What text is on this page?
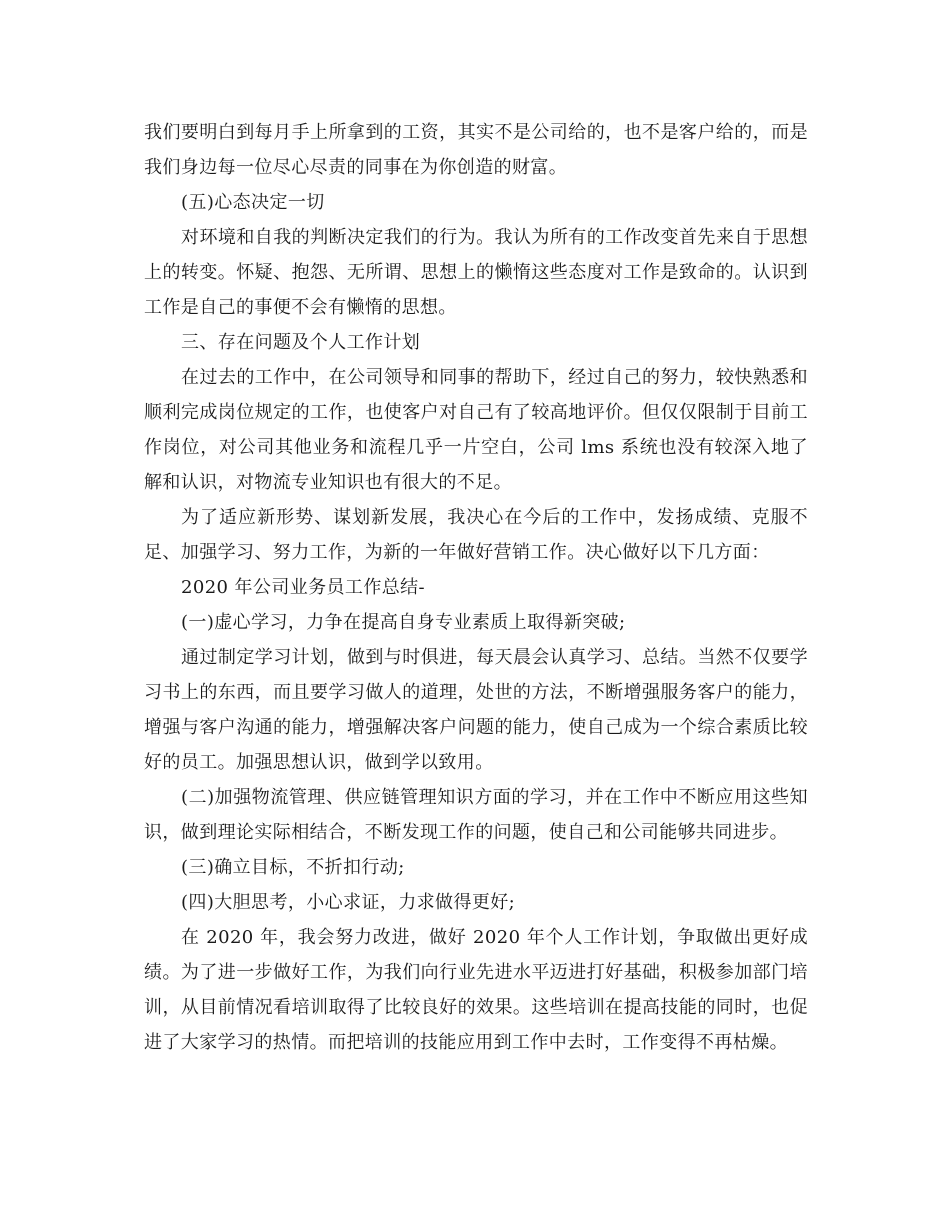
我们要明白到每月手上所拿到的工资，其实不是公司给的，也不是客户给的，而是我们身边每一位尽心尽责的同事在为你创造的财富。

(五)心态决定一切

对环境和自我的判断决定我们的行为。我认为所有的工作改变首先来自于思想上的转变。怀疑、抱怨、无所谓、思想上的懒惰这些态度对工作是致命的。认识到工作是自己的事便不会有懒惰的思想。

三、存在问题及个人工作计划

在过去的工作中，在公司领导和同事的帮助下，经过自己的努力，较快熟悉和顺利完成岗位规定的工作，也使客户对自己有了较高地评价。但仅仅限制于目前工作岗位，对公司其他业务和流程几乎一片空白，公司 lms 系统也没有较深入地了解和认识，对物流专业知识也有很大的不足。

为了适应新形势、谋划新发展，我决心在今后的工作中，发扬成绩、克服不足、加强学习、努力工作，为新的一年做好营销工作。决心做好以下几方面：

2020 年公司业务员工作总结-

(一)虚心学习，力争在提高自身专业素质上取得新突破;

通过制定学习计划，做到与时俱进，每天晨会认真学习、总结。当然不仅要学习书上的东西，而且要学习做人的道理，处世的方法，不断增强服务客户的能力，增强与客户沟通的能力，增强解决客户问题的能力，使自己成为一个综合素质比较好的员工。加强思想认识，做到学以致用。

(二)加强物流管理、供应链管理知识方面的学习，并在工作中不断应用这些知识，做到理论实际相结合，不断发现工作的问题，使自己和公司能够共同进步。

(三)确立目标，不折扣行动;

(四)大胆思考，小心求证，力求做得更好;

在 2020 年，我会努力改进，做好 2020 年个人工作计划，争取做出更好成绩。为了进一步做好工作，为我们向行业先进水平迈进打好基础，积极参加部门培训，从目前情况看培训取得了比较良好的效果。这些培训在提高技能的同时，也促进了大家学习的热情。而把培训的技能应用到工作中去时，工作变得不再枯燥。
